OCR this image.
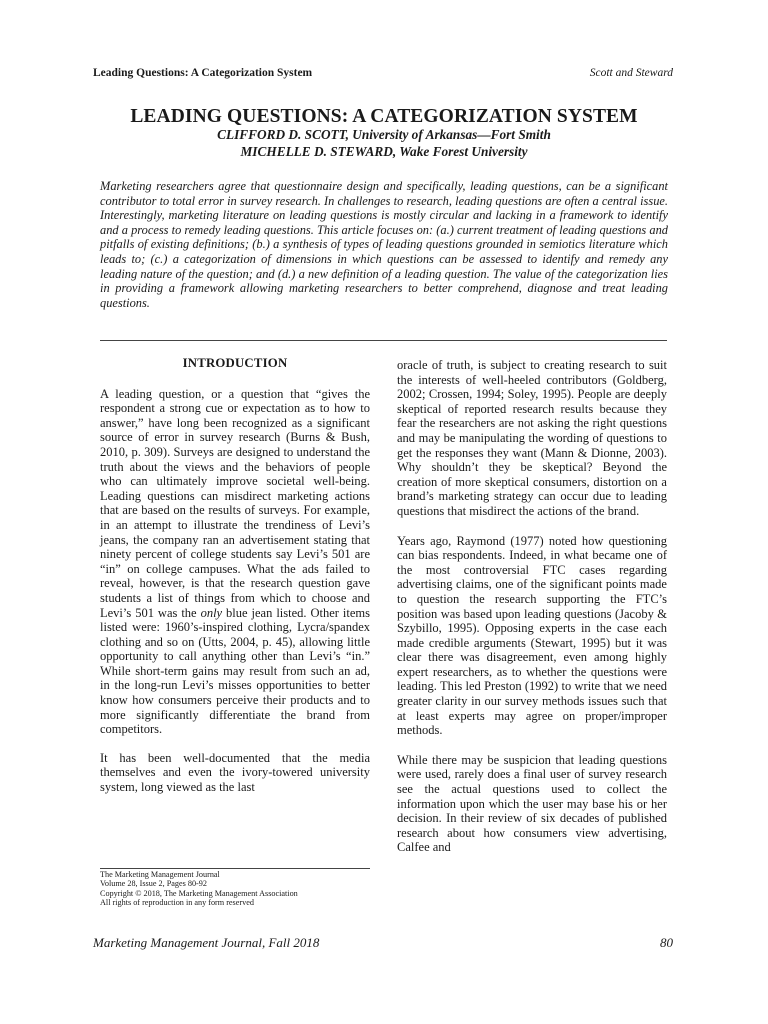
Leading Questions: A Categorization System	Scott and Steward
LEADING QUESTIONS: A CATEGORIZATION SYSTEM
CLIFFORD D. SCOTT, University of Arkansas—Fort Smith
MICHELLE D. STEWARD, Wake Forest University
Marketing researchers agree that questionnaire design and specifically, leading questions, can be a significant contributor to total error in survey research. In challenges to research, leading questions are often a central issue. Interestingly, marketing literature on leading questions is mostly circular and lacking in a framework to identify and a process to remedy leading questions. This article focuses on: (a.) current treatment of leading questions and pitfalls of existing definitions; (b.) a synthesis of types of leading questions grounded in semiotics literature which leads to; (c.) a categorization of dimensions in which questions can be assessed to identify and remedy any leading nature of the question; and (d.) a new definition of a leading question. The value of the categorization lies in providing a framework allowing marketing researchers to better comprehend, diagnose and treat leading questions.
INTRODUCTION

A leading question, or a question that “gives the respondent a strong cue or expectation as to how to answer,” have long been recognized as a significant source of error in survey research (Burns & Bush, 2010, p. 309). Surveys are designed to understand the truth about the views and the behaviors of people who can ultimately improve societal well-being. Leading questions can misdirect marketing actions that are based on the results of surveys. For example, in an attempt to illustrate the trendiness of Levi’s jeans, the company ran an advertisement stating that ninety percent of college students say Levi’s 501 are “in” on college campuses. What the ads failed to reveal, however, is that the research question gave students a list of things from which to choose and Levi’s 501 was the only blue jean listed. Other items listed were: 1960’s-inspired clothing, Lycra/spandex clothing and so on (Utts, 2004, p. 45), allowing little opportunity to call anything other than Levi’s “in.” While short-term gains may result from such an ad, in the long-run Levi’s misses opportunities to better know how consumers perceive their products and to more significantly differentiate the brand from competitors.

It has been well-documented that the media themselves and even the ivory-towered university system, long viewed as the last

oracle of truth, is subject to creating research to suit the interests of well-heeled contributors (Goldberg, 2002; Crossen, 1994; Soley, 1995). People are deeply skeptical of reported research results because they fear the researchers are not asking the right questions and may be manipulating the wording of questions to get the responses they want (Mann & Dionne, 2003). Why shouldn’t they be skeptical? Beyond the creation of more skeptical consumers, distortion on a brand’s marketing strategy can occur due to leading questions that misdirect the actions of the brand.

Years ago, Raymond (1977) noted how questioning can bias respondents. Indeed, in what became one of the most controversial FTC cases regarding advertising claims, one of the significant points made to question the research supporting the FTC’s position was based upon leading questions (Jacoby & Szybillo, 1995). Opposing experts in the case each made credible arguments (Stewart, 1995) but it was clear there was disagreement, even among highly expert researchers, as to whether the questions were leading. This led Preston (1992) to write that we need greater clarity in our survey methods issues such that at least experts may agree on proper/improper methods.

While there may be suspicion that leading questions were used, rarely does a final user of survey research see the actual questions used to collect the information upon which the user may base his or her decision. In their review of six decades of published research about how consumers view advertising, Calfee and

The Marketing Management Journal
Volume 28, Issue 2, Pages 80-92
Copyright © 2018, The Marketing Management Association
All rights of reproduction in any form reserved
Marketing Management Journal, Fall 2018	80
